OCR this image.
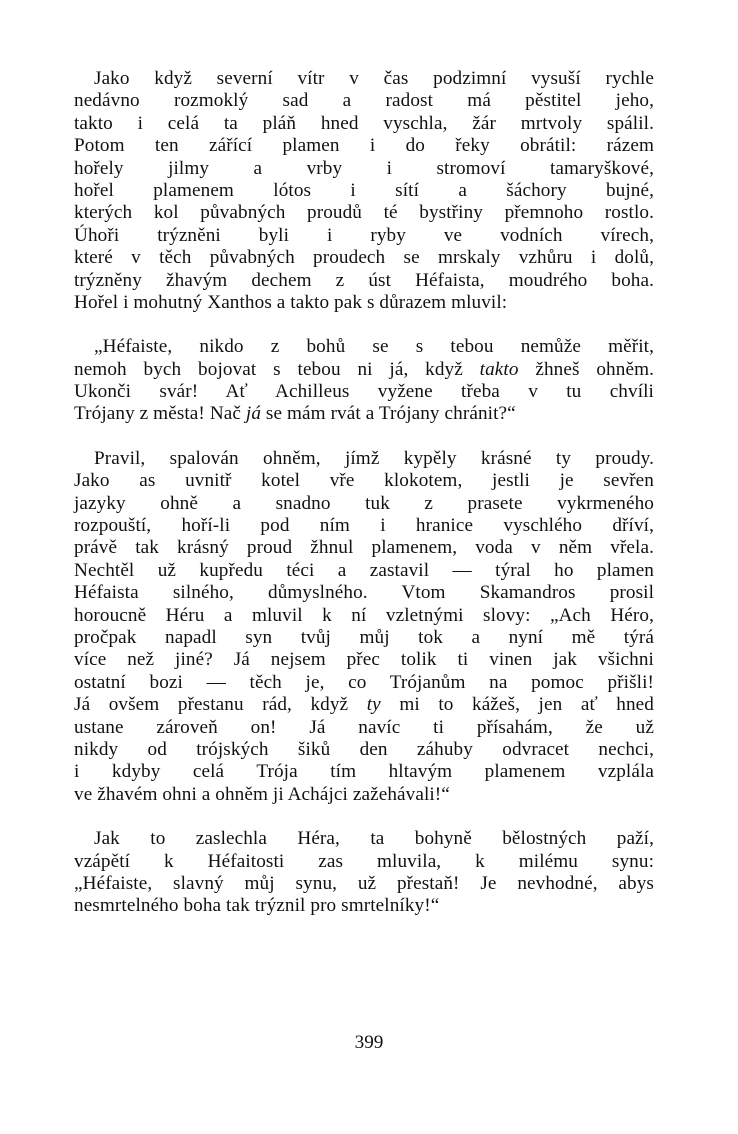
Jako když severní vítr v čas podzimní vysuší rychle
nedávno rozmoklý sad a radost má pěstitel jeho,
takto i celá ta pláň hned vyschla, žár mrtvoly spálil.
Potom ten zářící plamen i do řeky obrátil: rázem
hořely jilmy a vrby i stromoví tamaryškové,
hořel plamenem lótos i sítí a šáchory bujné,
kterých kol půvabných proudů té bystřiny přemnoho rostlo.
Úhoři trýzněni byli i ryby ve vodních vírech,
které v těch půvabných proudech se mrskaly vzhůru i dolů,
trýzněny žhavým dechem z úst Héfaista, moudrého boha.
Hořel i mohutný Xanthos a takto pak s důrazem mluvil:
„Héfaiste, nikdo z bohů se s tebou nemůže měřit,
nemoh bych bojovat s tebou ni já, když takto žhneš ohněm.
Ukonči svár! Ať Achilleus vyžene třeba v tu chvíli
Trójany z města! Nač já se mám rvát a Trójany chránit?“
Pravil, spalován ohněm, jímž kypěly krásné ty proudy.
Jako as uvnitř kotel vře klokotem, jestli je sevřen
jazyky ohně a snadno tuk z prasete vykrmeného
rozpouští, hoří-li pod ním i hranice vyschlého dříví,
právě tak krásný proud žhnul plamenem, voda v něm vřela.
Nechtěl už kupředu téci a zastavil — týral ho plamen
Héfaista silného, důmyslného. Vtom Skamandros prosil
horoucně Héru a mluvil k ní vzletnými slovy: „Ach Héro,
pročpak napadl syn tvůj můj tok a nyní mě týrá
více než jiné? Já nejsem přec tolik ti vinen jak všichni
ostatní bozi — těch je, co Trójanům na pomoc přišli!
Já ovšem přestanu rád, když ty mi to kážeš, jen ať hned
ustane zároveň on! Já navíc ti přísahám, že už
nikdy od trójských šiků den záhuby odvracet nechci,
i kdyby celá Trója tím hltavým plamenem vzplála
ve žhavém ohni a ohněm ji Acháјci zažehávali!“
Jak to zaslechla Héra, ta bohyně bělostných paží,
vzápětí k Héfaitosti zas mluvila, k milému synu:
„Héfaiste, slavný můj synu, už přestaň! Je nevhodné, abys
nesmrtelného boha tak trýznil pro smrtelníky!“
399
